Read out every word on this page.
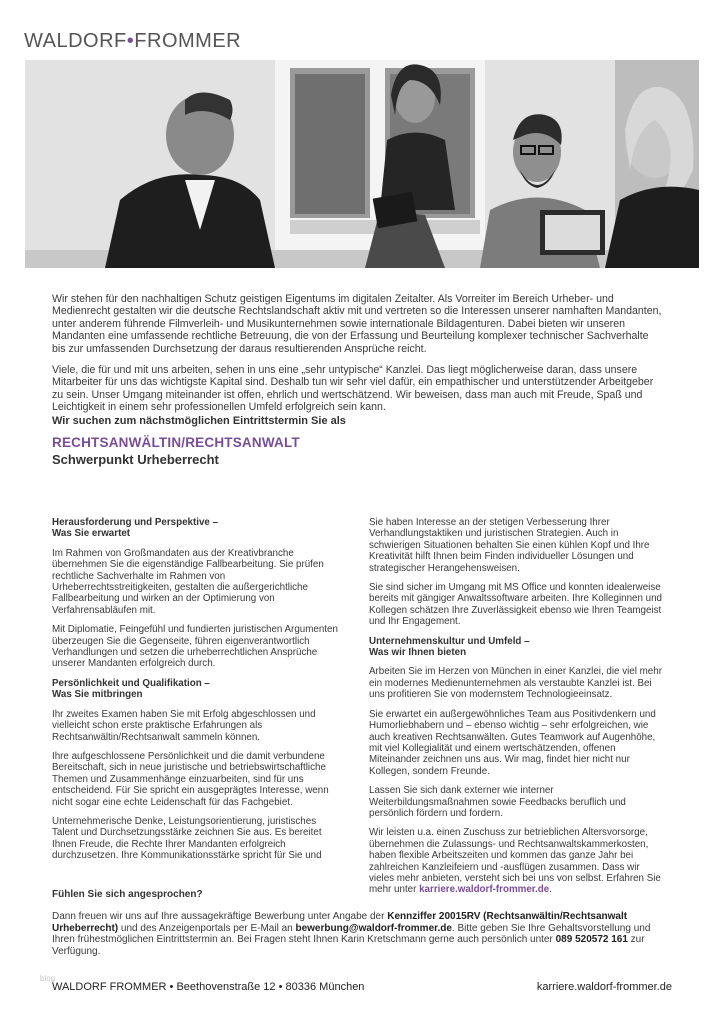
WALDORF•FROMMER

Wir stehen für den nachhaltigen Schutz geistigen Eigentums im digitalen Zeitalter. Als Vorreiter im Bereich Urheber- und Medienrecht gestalten wir die deutsche Rechtslandschaft aktiv mit und vertreten so die Interessen unserer namhaften Mandanten, unter anderem führende Filmverleih- und Musikunternehmen sowie internationale Bildagenturen. Dabei bieten wir unseren Mandanten eine umfassende rechtliche Betreuung, die von der Erfassung und Beurteilung komplexer technischer Sachverhalte bis zur umfassenden Durchsetzung der daraus resultierenden Ansprüche reicht.

Viele, die für und mit uns arbeiten, sehen in uns eine „sehr untypische“ Kanzlei. Das liegt möglicherweise daran, dass unsere Mitarbeiter für uns das wichtigste Kapital sind. Deshalb tun wir sehr viel dafür, ein empathischer und unterstützender Arbeitgeber zu sein. Unser Umgang miteinander ist offen, ehrlich und wertschätzend. Wir beweisen, dass man auch mit Freude, Spaß und Leichtigkeit in einem sehr professionellen Umfeld erfolgreich sein kann.

Wir suchen zum nächstmöglichen Eintrittstermin Sie als
RECHTSANWÄLTIN/RECHTSANWALT
Schwerpunkt Urheberrecht
Herausforderung und Perspektive –
Was Sie erwartet

Im Rahmen von Großmandaten aus der Kreativbranche übernehmen Sie die eigenständige Fallbearbeitung. Sie prüfen rechtliche Sachverhalte im Rahmen von Urheberrechtsstreitigkeiten, gestalten die außergerichtliche Fallbearbeitung und wirken an der Optimierung von Verfahrensabläufen mit.

Mit Diplomatie, Feingefühl und fundierten juristischen Argumenten überzeugen Sie die Gegenseite, führen eigenverantwortlich Verhandlungen und setzen die urheberrechtlichen Ansprüche unserer Mandanten erfolgreich durch.

Persönlichkeit und Qualifikation –
Was Sie mitbringen

Ihr zweites Examen haben Sie mit Erfolg abgeschlossen und vielleicht schon erste praktische Erfahrungen als Rechtsanwältin/Rechtsanwalt sammeln können.

Ihre aufgeschlossene Persönlichkeit und die damit verbundene Bereitschaft, sich in neue juristische und betriebswirtschaftliche Themen und Zusammenhänge einzuarbeiten, sind für uns entscheidend. Für Sie spricht ein ausgeprägtes Interesse, wenn nicht sogar eine echte Leidenschaft für das Fachgebiet.

Unternehmerische Denke, Leistungsorientierung, juristisches Talent und Durchsetzungsstärke zeichnen Sie aus. Es bereitet Ihnen Freude, die Rechte Ihrer Mandanten erfolgreich durchzusetzen. Ihre Kommunikationsstärke spricht für Sie und

Sie haben Interesse an der stetigen Verbesserung Ihrer Verhandlungstaktiken und juristischen Strategien. Auch in schwierigen Situationen behalten Sie einen kühlen Kopf und Ihre Kreativität hilft Ihnen beim Finden individueller Lösungen und strategischer Herangehensweisen.

Sie sind sicher im Umgang mit MS Office und konnten idealerweise bereits mit gängiger Anwaltssoftware arbeiten. Ihre Kolleginnen und Kollegen schätzen Ihre Zuverlässigkeit ebenso wie Ihren Teamgeist und Ihr Engagement.

Unternehmenskultur und Umfeld –
Was wir Ihnen bieten

Arbeiten Sie im Herzen von München in einer Kanzlei, die viel mehr ein modernes Medienunternehmen als verstaubte Kanzlei ist. Bei uns profitieren Sie von modernstem Technologieeinsatz.

Sie erwartet ein außergewöhnliches Team aus Positivdenkern und Humorliebhabern und – ebenso wichtig – sehr erfolgreichen, wie auch kreativen Rechtsanwälten. Gutes Teamwork auf Augenhöhe, mit viel Kollegialität und einem wertschätzenden, offenen Miteinander zeichnen uns aus. Wir mag, findet hier nicht nur Kollegen, sondern Freunde.

Lassen Sie sich dank externer wie interner Weiterbildungsmaßnahmen sowie Feedbacks beruflich und persönlich fördern und fordern.

Wir leisten u.a. einen Zuschuss zur betrieblichen Altersvorsorge, übernehmen die Zulassungs- und Rechtsanwaltskammerkosten, haben flexible Arbeitszeiten und kommen das ganze Jahr bei zahlreichen Kanzleifeiern und -ausflügen zusammen. Dass wir vieles mehr anbieten, versteht sich bei uns von selbst. Erfahren Sie mehr unter karriere.waldorf-frommer.de.

Fühlen Sie sich angesprochen?

Dann freuen wir uns auf Ihre aussagekräftige Bewerbung unter Angabe der Kennziffer 20015RV (Rechtsanwältin/Rechtsanwalt Urheberrecht) und des Anzeigenportals per E-Mail an bewerbung@waldorf-frommer.de. Bitte geben Sie Ihre Gehaltsvorstellung und Ihren frühestmöglichen Eintrittstermin an. Bei Fragen steht Ihnen Karin Kretschmann gerne auch persönlich unter 089 520572 161 zur Verfügung.

blog
WALDORF FROMMER • Beethovenstraße 12 • 80336 München	karriere.waldorf-frommer.de
